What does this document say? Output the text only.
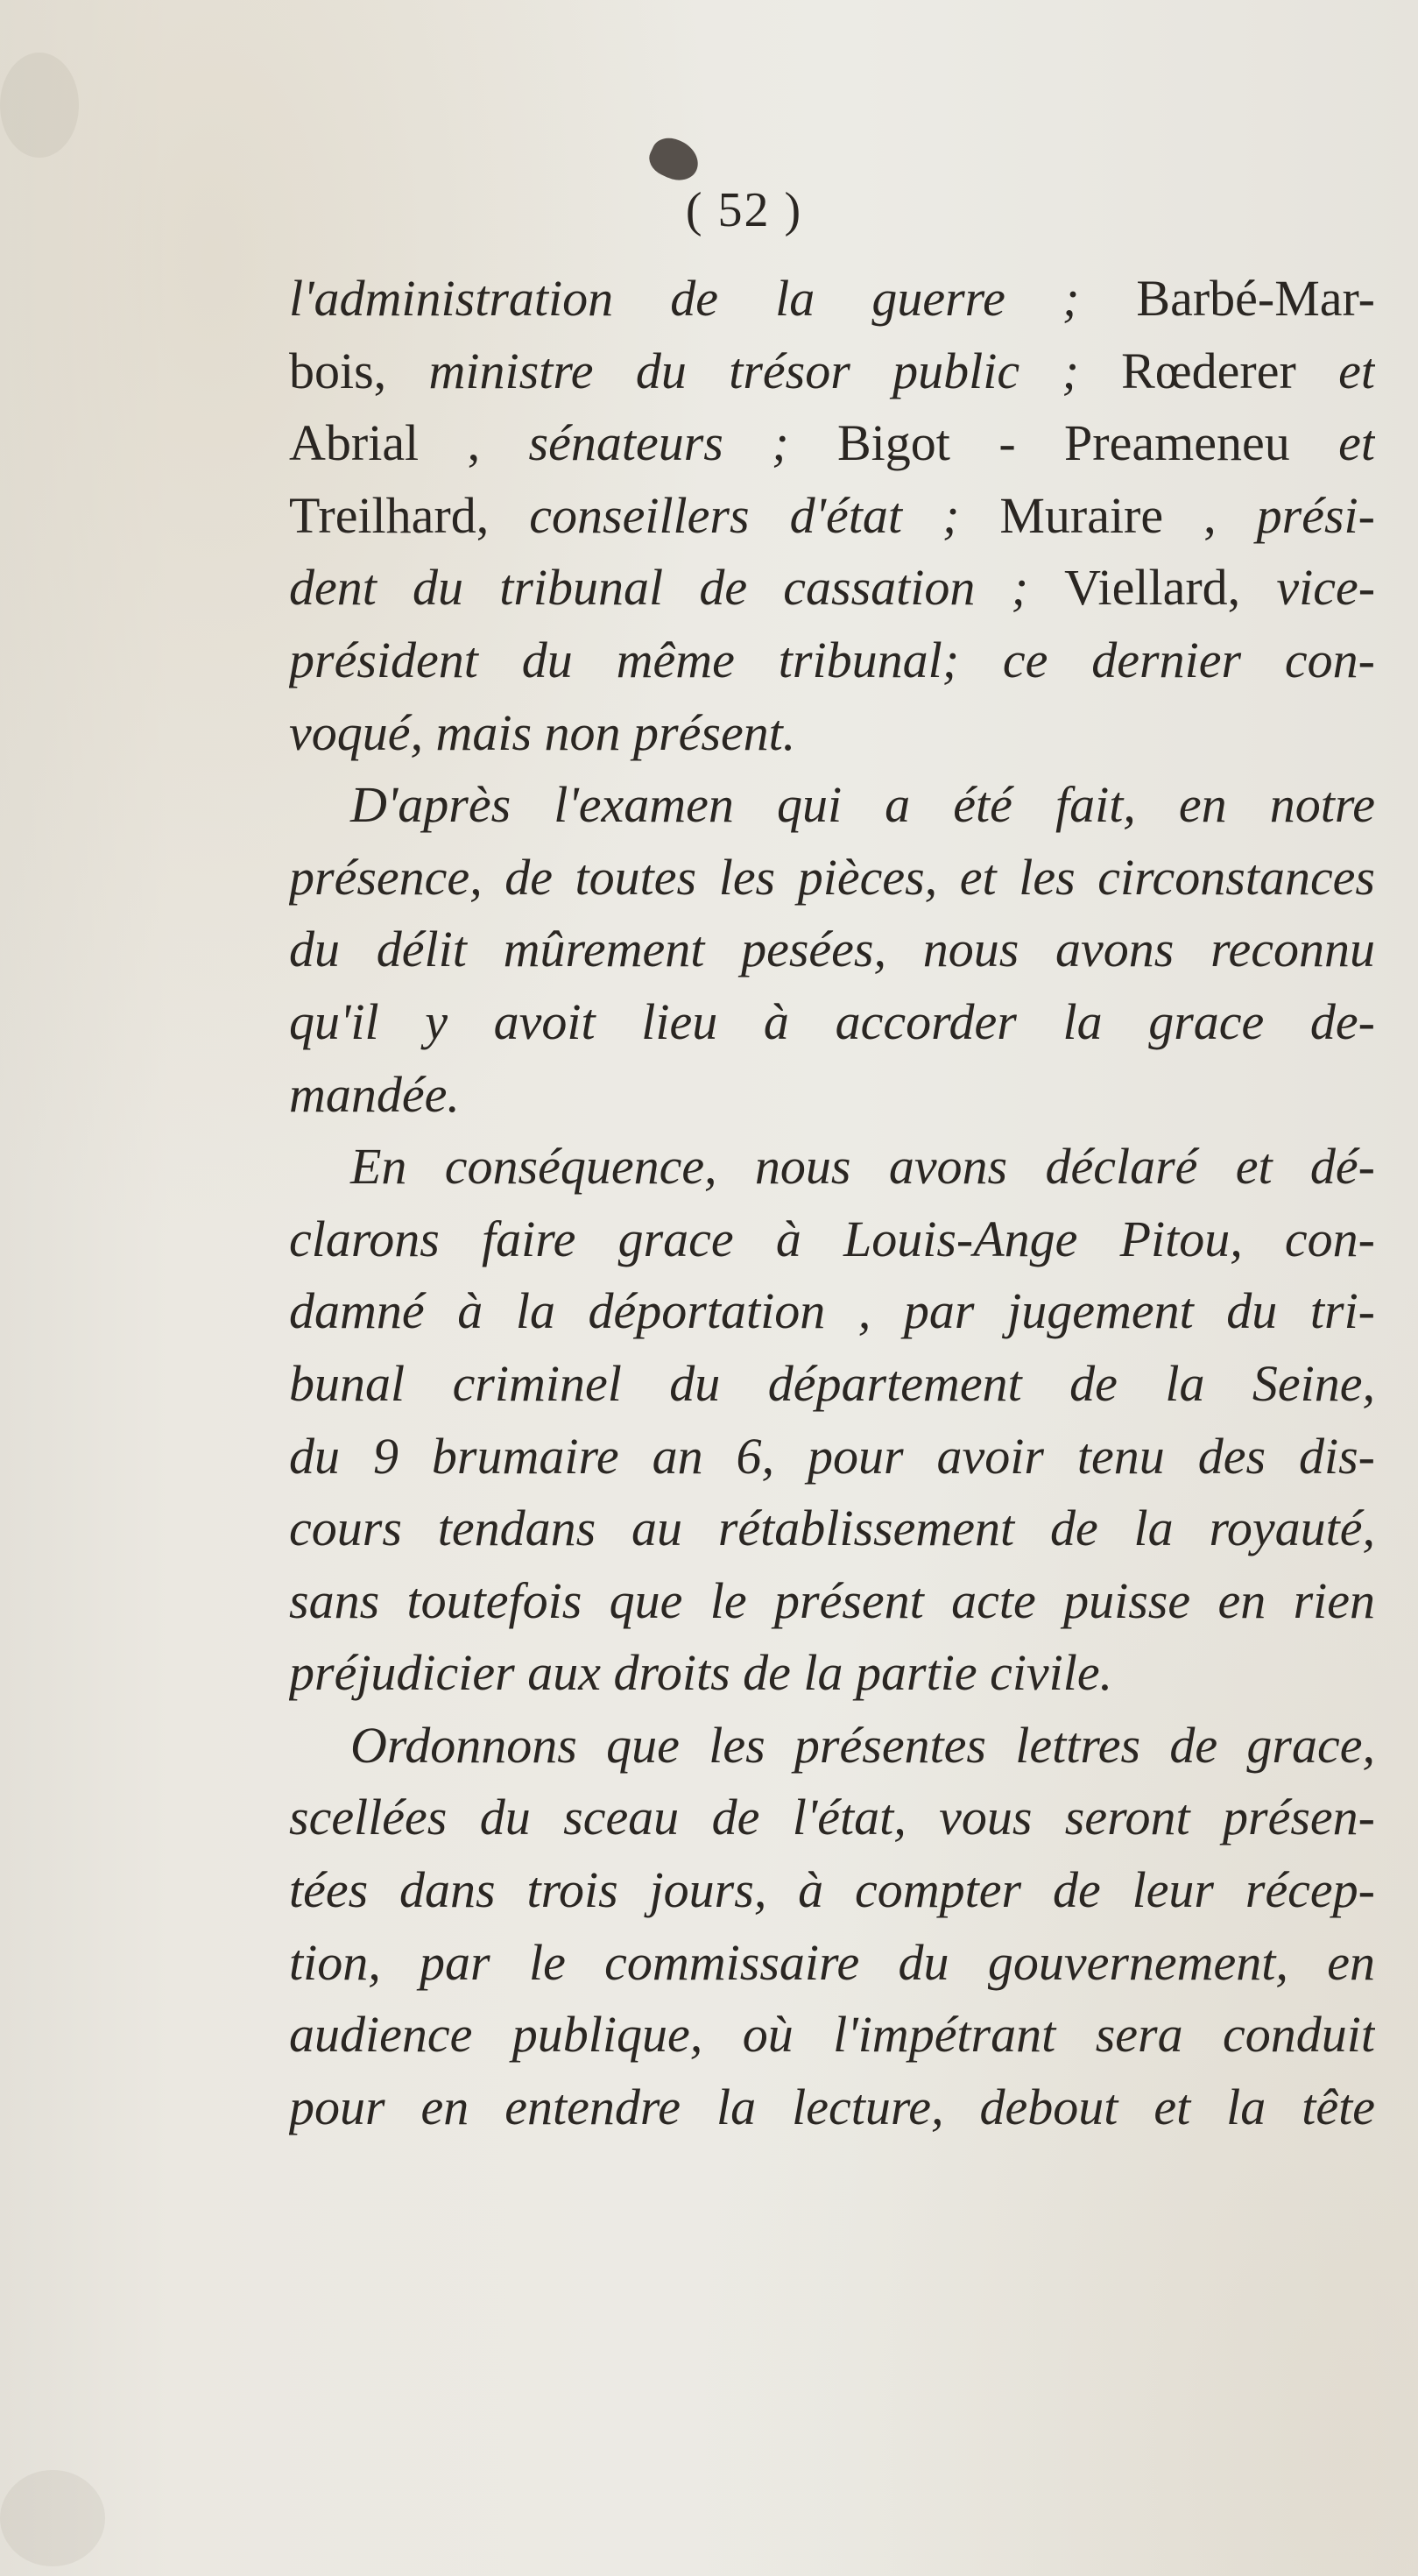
( 52 )
l'administration de la guerre ; Barbé-Mar-
bois, ministre du trésor public ; Rœderer et
Abrial , sénateurs ; Bigot - Preameneu et
Treilhard, conseillers d'état ; Muraire , prési-
dent du tribunal de cassation ; Viellard, vice-
président du même tribunal; ce dernier con-
voqué, mais non présent.
D'après l'examen qui a été fait, en notre
présence, de toutes les pièces, et les circonstances
du délit mûrement pesées, nous avons reconnu
qu'il y avoit lieu à accorder la grace de-
mandée.
En conséquence, nous avons déclaré et dé-
clarons faire grace à Louis-Ange Pitou, con-
damné à la déportation , par jugement du tri-
bunal criminel du département de la Seine,
du 9 brumaire an 6, pour avoir tenu des dis-
cours tendans au rétablissement de la royauté,
sans toutefois que le présent acte puisse en rien
préjudicier aux droits de la partie civile.
Ordonnons que les présentes lettres de grace,
scellées du sceau de l'état, vous seront présen-
tées dans trois jours, à compter de leur récep-
tion, par le commissaire du gouvernement, en
audience publique, où l'impétrant sera conduit
pour en entendre la lecture, debout et la tête
